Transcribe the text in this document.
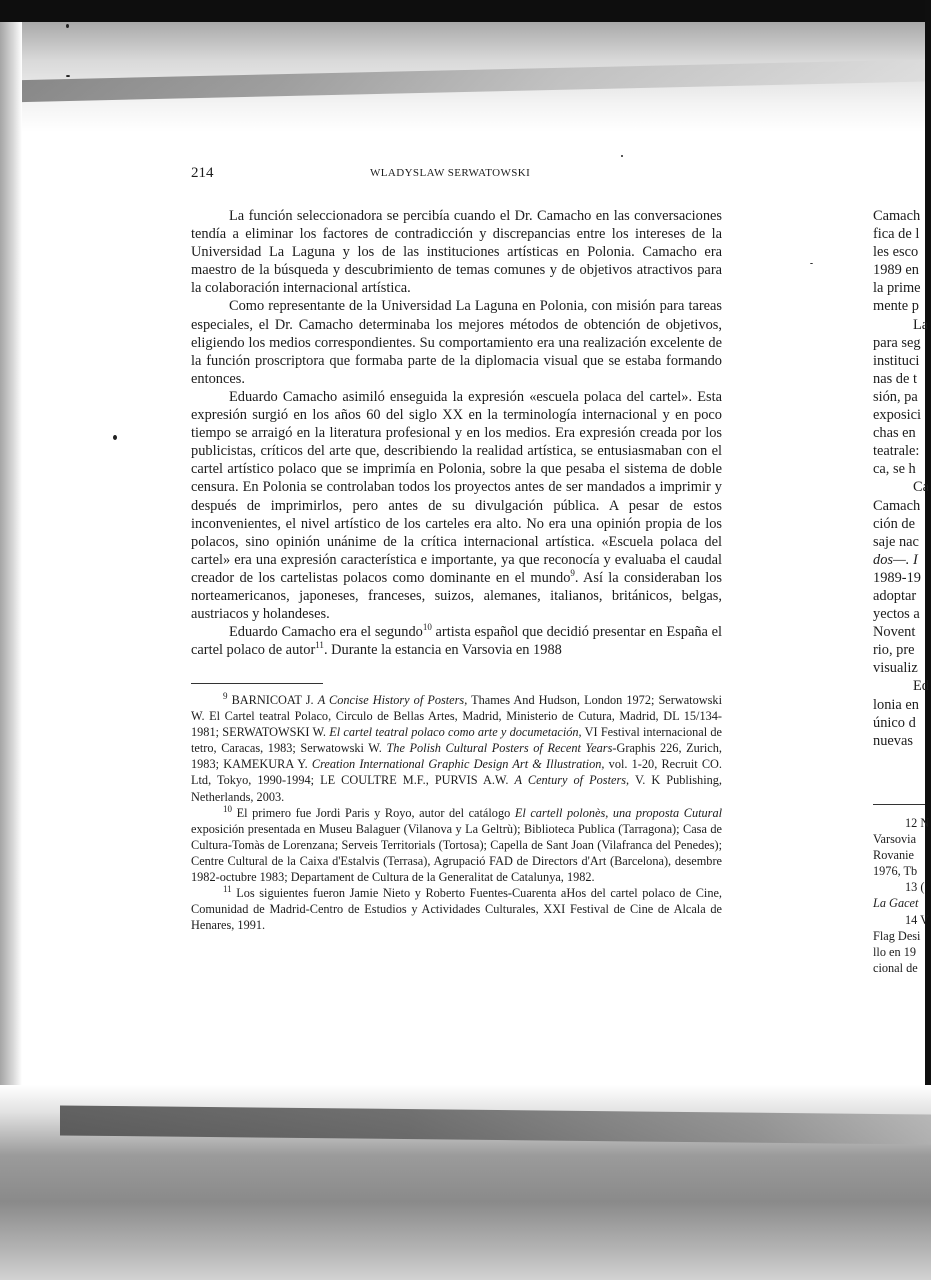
214	WLADYSLAW SERWATOWSKI

La función seleccionadora se percibía cuando el Dr. Camacho en las conversaciones tendía a eliminar los factores de contradicción y discrepancias entre los intereses de la Universidad La Laguna y los de las instituciones artísticas en Polonia. Camacho era maestro de la búsqueda y descubrimiento de temas comunes y de objetivos atractivos para la colaboración internacional artística.

Como representante de la Universidad La Laguna en Polonia, con misión para tareas especiales, el Dr. Camacho determinaba los mejores métodos de obtención de objetivos, eligiendo los medios correspondientes. Su comportamiento era una realización excelente de la función proscriptora que formaba parte de la diplomacia visual que se estaba formando entonces.

Eduardo Camacho asimiló enseguida la expresión «escuela polaca del cartel». Esta expresión surgió en los años 60 del siglo XX en la terminología internacional y en poco tiempo se arraigó en la literatura profesional y en los medios. Era expresión creada por los publicistas, críticos del arte que, describiendo la realidad artística, se entusiasmaban con el cartel artístico polaco que se imprimía en Polonia, sobre la que pesaba el sistema de doble censura. En Polonia se controlaban todos los proyectos antes de ser mandados a imprimir y después de imprimirlos, pero antes de su divulgación pública. A pesar de estos inconvenientes, el nivel artístico de los carteles era alto. No era una opinión propia de los polacos, sino opinión unánime de la crítica internacional artística. «Escuela polaca del cartel» era una expresión característica e importante, ya que reconocía y evaluaba el caudal creador de los cartelistas polacos como dominante en el mundo$^9$. Así la consideraban los norteamericanos, japoneses, franceses, suizos, alemanes, italianos, británicos, belgas, austriacos y holandeses.

Eduardo Camacho era el segundo$^{10}$ artista español que decidió presentar en España el cartel polaco de autor$^{11}$. Durante la estancia en Varsovia en 1988

$^9$ BARNICOAT J. A Concise History of Posters, Thames And Hudson, London 1972; Serwatowski W. El Cartel teatral Polaco, Circulo de Bellas Artes, Madrid, Ministerio de Cutura, Madrid, DL 15/134-1981; SERWATOWSKI W. El cartel teatral polaco como arte y documetación, VI Festival internacional de tetro, Caracas, 1983; Serwatowski W. The Polish Cultural Posters of Recent Years-Graphis 226, Zurich, 1983; KAMEKURA Y. Creation International Graphic Design Art & Illustration, vol. 1-20, Recruit CO. Ltd, Tokyo, 1990-1994; LE COULTRE M.F., PURVIS A.W. A Century of Posters, V. K Publishing, Netherlands, 2003.

$^{10}$ El primero fue Jordi Paris y Royo, autor del catálogo El cartell polonès, una proposta Cutural exposición presentada en Museu Balaguer (Vilanova y La Geltrù); Biblioteca Publica (Tarragona); Casa de Cultura-Tomàs de Lorenzana; Serveis Territorials (Tortosa); Capella de Sant Joan (Vilafranca del Penedes); Centre Cultural de la Caixa d'Estalvis (Terrasa), Agrupació FAD de Directors d'Art (Barcelona), desembre 1982-octubre 1983; Departament de Cultura de la Generalitat de Catalunya, 1982.

$^{11}$ Los siguientes fueron Jamie Nieto y Roberto Fuentes-Cuarenta aHos del cartel polaco de Cine, Comunidad de Madrid-Centro de Estudios y Actividades Culturales, XXI Festival de Cine de Alcala de Henares, 1991.

Camach
fica de l
les esco
1989 en
la prime
mente p
La
para seg
instituci
nas de t
sión, pa
exposici
chas en
teatrale:
ca, se h
Ca
Camach
ción de
saje nac
dos—. I
1989-19
adoptar
yectos a
Novent
rio, pre
visualiz
Ed
lonia en
único d
nuevas
12 N
Varsovia
Rovanie
1976, Tb
13 (
La Gacet
14 V
Flag Desi
llo en 19
cional de
